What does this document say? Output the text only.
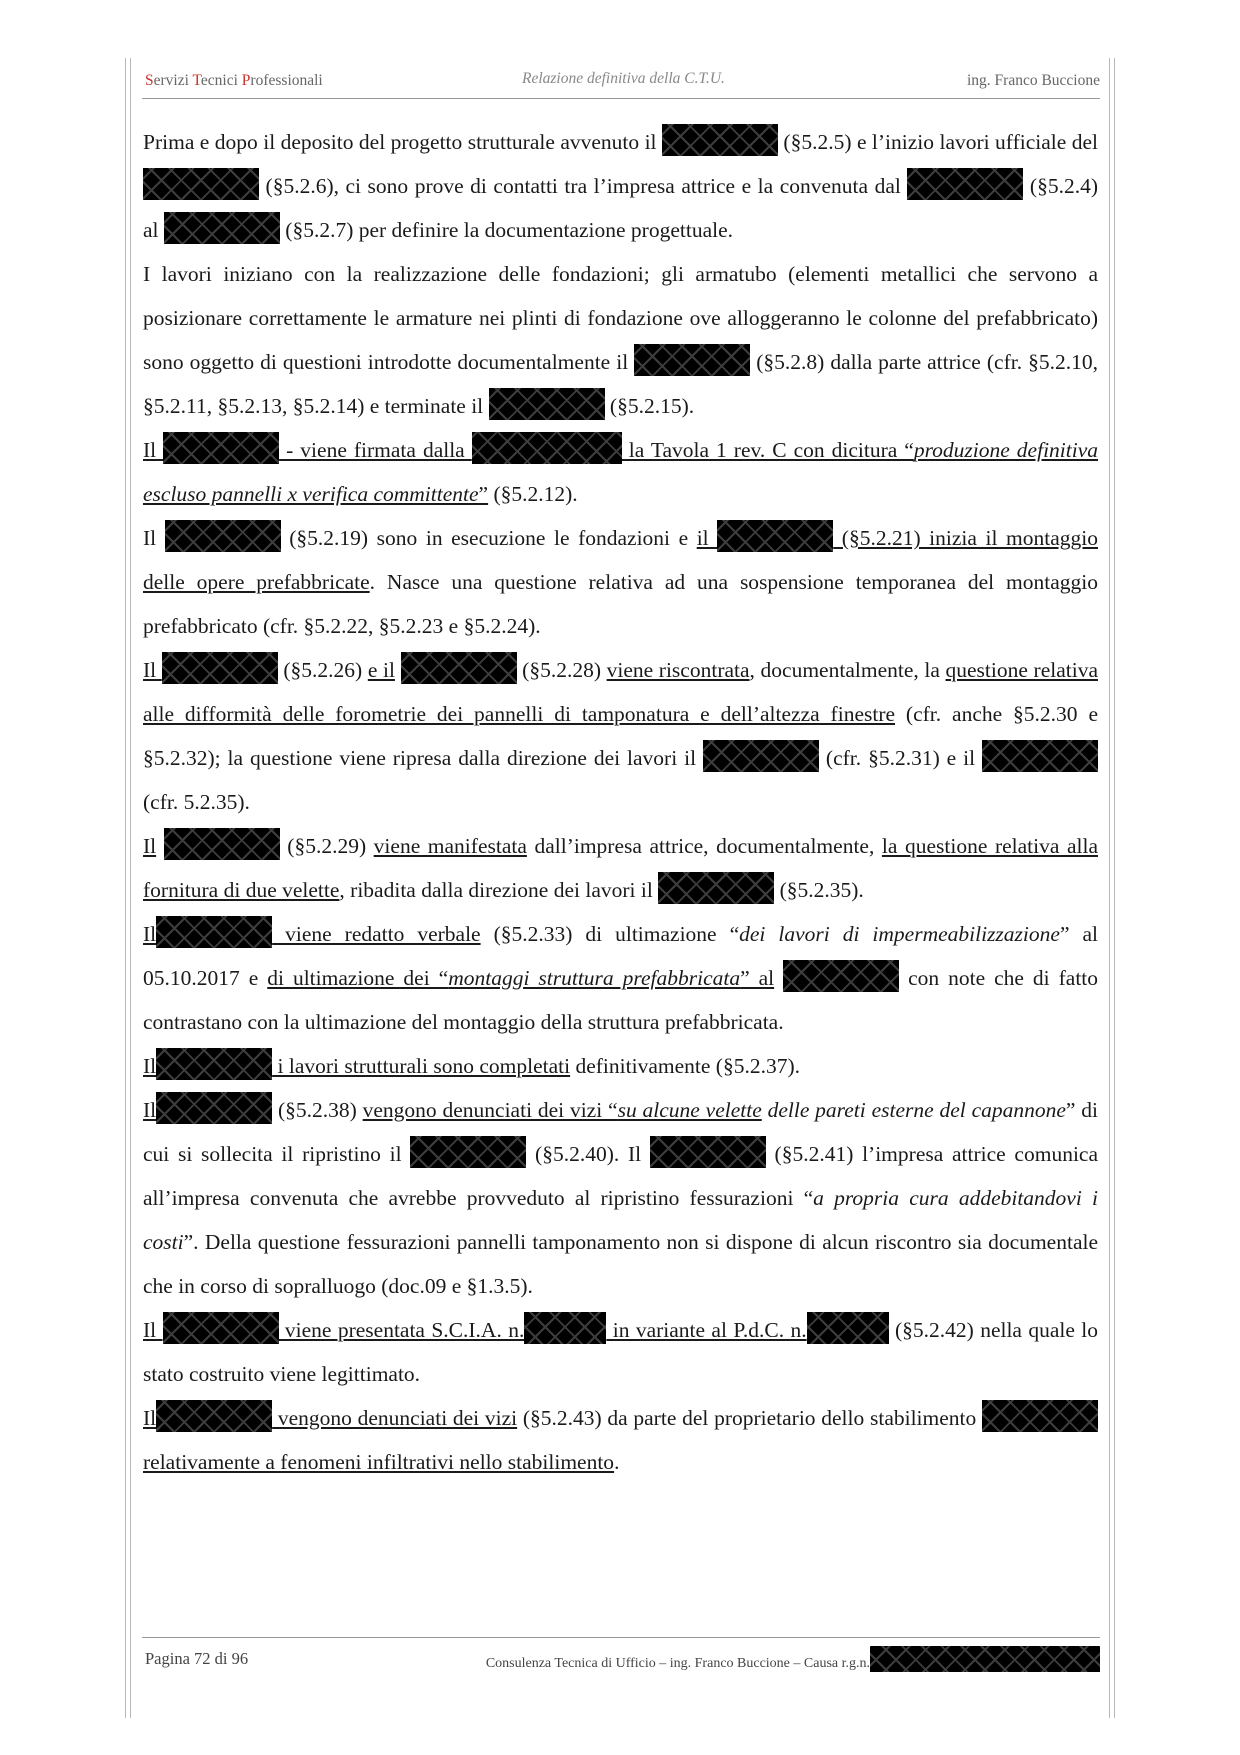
Servizi Tecnici Professionali	Relazione definitiva della C.T.U.	ing. Franco Buccione

Prima e dopo il deposito del progetto strutturale avvenuto il	(§5.2.5) e l’inizio lavori ufficiale del  (§5.2.6), ci sono prove di contatti tra l’impresa attrice e la convenuta dal	(§5.2.4) al	(§5.2.7) per definire la documentazione progettuale.

I lavori iniziano con la realizzazione delle fondazioni; gli armatubo (elementi metallici che servono a posizionare correttamente le armature nei plinti di fondazione ove alloggeranno le colonne del prefabbricato) sono oggetto di questioni introdotte documentalmente il	(§5.2.8) dalla parte attrice (cfr. §5.2.10, §5.2.11, §5.2.13, §5.2.14) e terminate il	(§5.2.15).

Il	- viene firmata dalla	la Tavola 1 rev. C con dicitura “produzione definitiva escluso pannelli x verifica committente” (§5.2.12).

Il	(§5.2.19) sono in esecuzione le fondazioni e il	(§5.2.21) inizia il montaggio delle opere prefabbricate. Nasce una questione relativa ad una sospensione temporanea del montaggio prefabbricato (cfr. §5.2.22, §5.2.23 e §5.2.24).

Il	(§5.2.26) e il	(§5.2.28) viene riscontrata, documentalmente, la questione relativa alle difformità delle forometrie dei pannelli di tamponatura e dell’altezza finestre (cfr. anche §5.2.30 e §5.2.32); la questione viene ripresa dalla direzione dei lavori il	(cfr. §5.2.31) e il  (cfr. 5.2.35).

Il	(§5.2.29) viene manifestata dall’impresa attrice, documentalmente, la questione relativa alla fornitura di due velette, ribadita dalla direzione dei lavori il	(§5.2.35).

Il	viene redatto verbale (§5.2.33) di ultimazione “dei lavori di impermeabilizzazione” al 05.10.2017 e di ultimazione dei “montaggi struttura prefabbricata” al	con note che di fatto contrastano con la ultimazione del montaggio della struttura prefabbricata.

Il	i lavori strutturali sono completati definitivamente (§5.2.37).

Il	(§5.2.38) vengono denunciati dei vizi “su alcune velette delle pareti esterne del capannone” di cui si sollecita il ripristino il	(§5.2.40). Il	(§5.2.41) l’impresa attrice comunica all’impresa convenuta che avrebbe provveduto al ripristino fessurazioni “a propria cura addebitandovi i costi”. Della questione fessurazioni pannelli tamponamento non si dispone di alcun riscontro sia documentale che in corso di sopralluogo (doc.09 e §1.3.5).

Il	viene presentata S.C.I.A. n.	in variante al P.d.C. n.	(§5.2.42) nella quale lo stato costruito viene legittimato.

Il	vengono denunciati dei vizi (§5.2.43) da parte del proprietario dello stabilimento  relativamente a fenomeni infiltrativi nello stabilimento.

Pagina 72 di 96	Consulenza Tecnica di Ufficio – ing. Franco Buccione – Causa r.g.n.
